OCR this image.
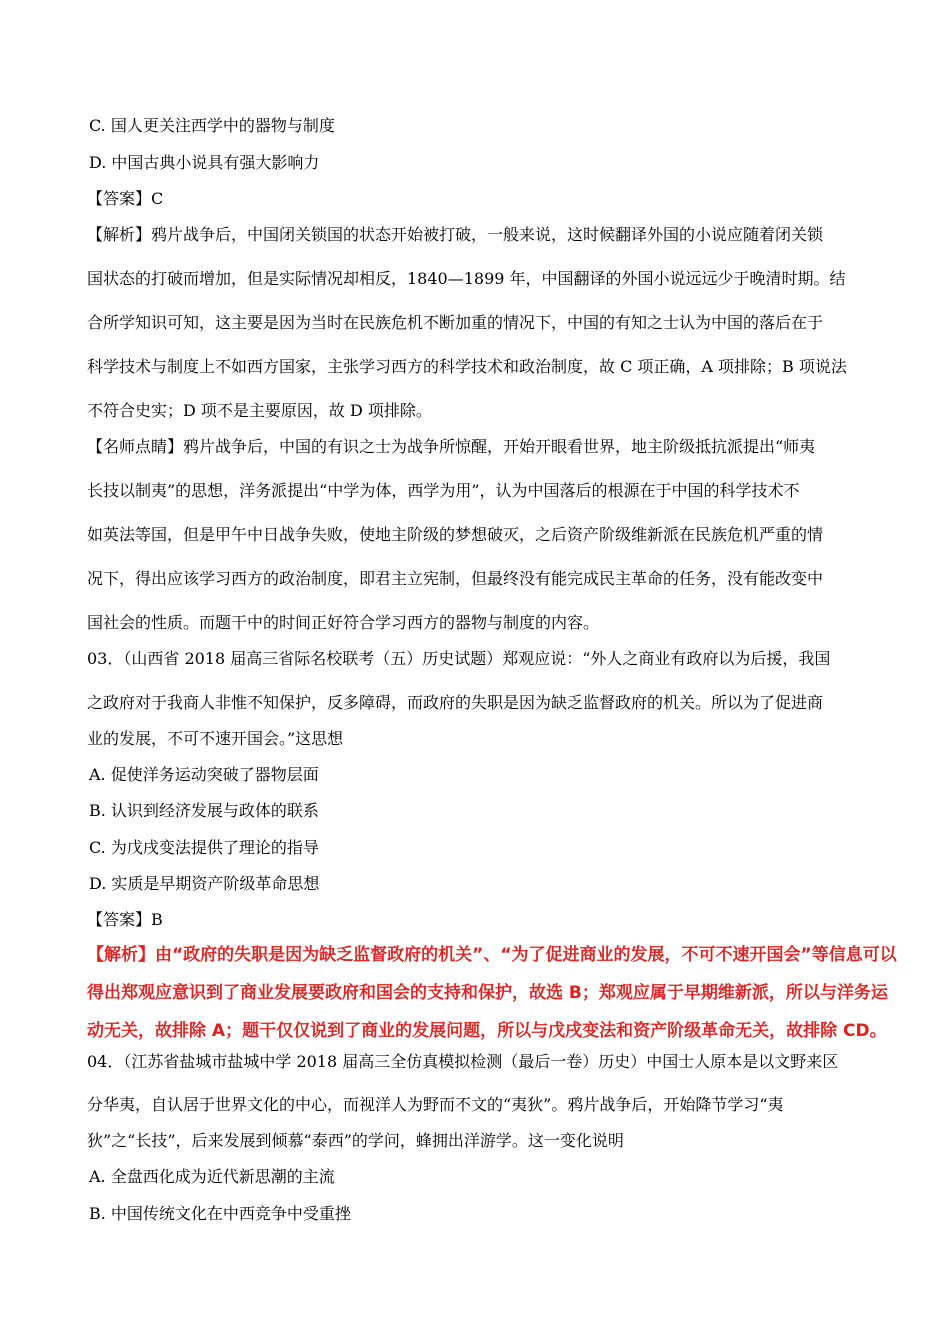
C. 国人更关注西学中的器物与制度
D. 中国古典小说具有强大影响力
【答案】C
【解析】鸦片战争后，中国闭关锁国的状态开始被打破，一般来说，这时候翻译外国的小说应随着闭关锁
国状态的打破而增加，但是实际情况却相反，1840—1899 年，中国翻译的外国小说远远少于晚清时期。结
合所学知识可知，这主要是因为当时在民族危机不断加重的情况下，中国的有知之士认为中国的落后在于
科学技术与制度上不如西方国家，主张学习西方的科学技术和政治制度，故 C 项正确，A 项排除；B 项说法
不符合史实；D 项不是主要原因，故 D 项排除。
【名师点睛】鸦片战争后，中国的有识之士为战争所惊醒，开始开眼看世界，地主阶级抵抗派提出“师夷
长技以制夷”的思想，洋务派提出“中学为体，西学为用”，认为中国落后的根源在于中国的科学技术不
如英法等国，但是甲午中日战争失败，使地主阶级的梦想破灭，之后资产阶级维新派在民族危机严重的情
况下，得出应该学习西方的政治制度，即君主立宪制，但最终没有能完成民主革命的任务，没有能改变中
国社会的性质。而题干中的时间正好符合学习西方的器物与制度的内容。
03．（山西省 2018 届高三省际名校联考（五）历史试题）郑观应说：“外人之商业有政府以为后援，我国
之政府对于我商人非惟不知保护，反多障碍，而政府的失职是因为缺乏监督政府的机关。所以为了促进商
业的发展，不可不速开国会。”这思想
A. 促使洋务运动突破了器物层面
B. 认识到经济发展与政体的联系
C. 为戊戌变法提供了理论的指导
D. 实质是早期资产阶级革命思想
【答案】B
【解析】由“政府的失职是因为缺乏监督政府的机关”、“为了促进商业的发展，不可不速开国会”等信息可以
得出郑观应意识到了商业发展要政府和国会的支持和保护，故选 B；郑观应属于早期维新派，所以与洋务运
动无关，故排除 A；题干仅仅说到了商业的发展问题，所以与戊戌变法和资产阶级革命无关，故排除 CD。
04．（江苏省盐城市盐城中学 2018 届高三全仿真模拟检测（最后一卷）历史）中国士人原本是以文野来区
分华夷，自认居于世界文化的中心，而视洋人为野而不文的“夷狄”。鸦片战争后，开始降节学习“夷
狄”之“长技”，后来发展到倾慕“泰西”的学问，蜂拥出洋游学。这一变化说明
A. 全盘西化成为近代新思潮的主流
B. 中国传统文化在中西竞争中受重挫
